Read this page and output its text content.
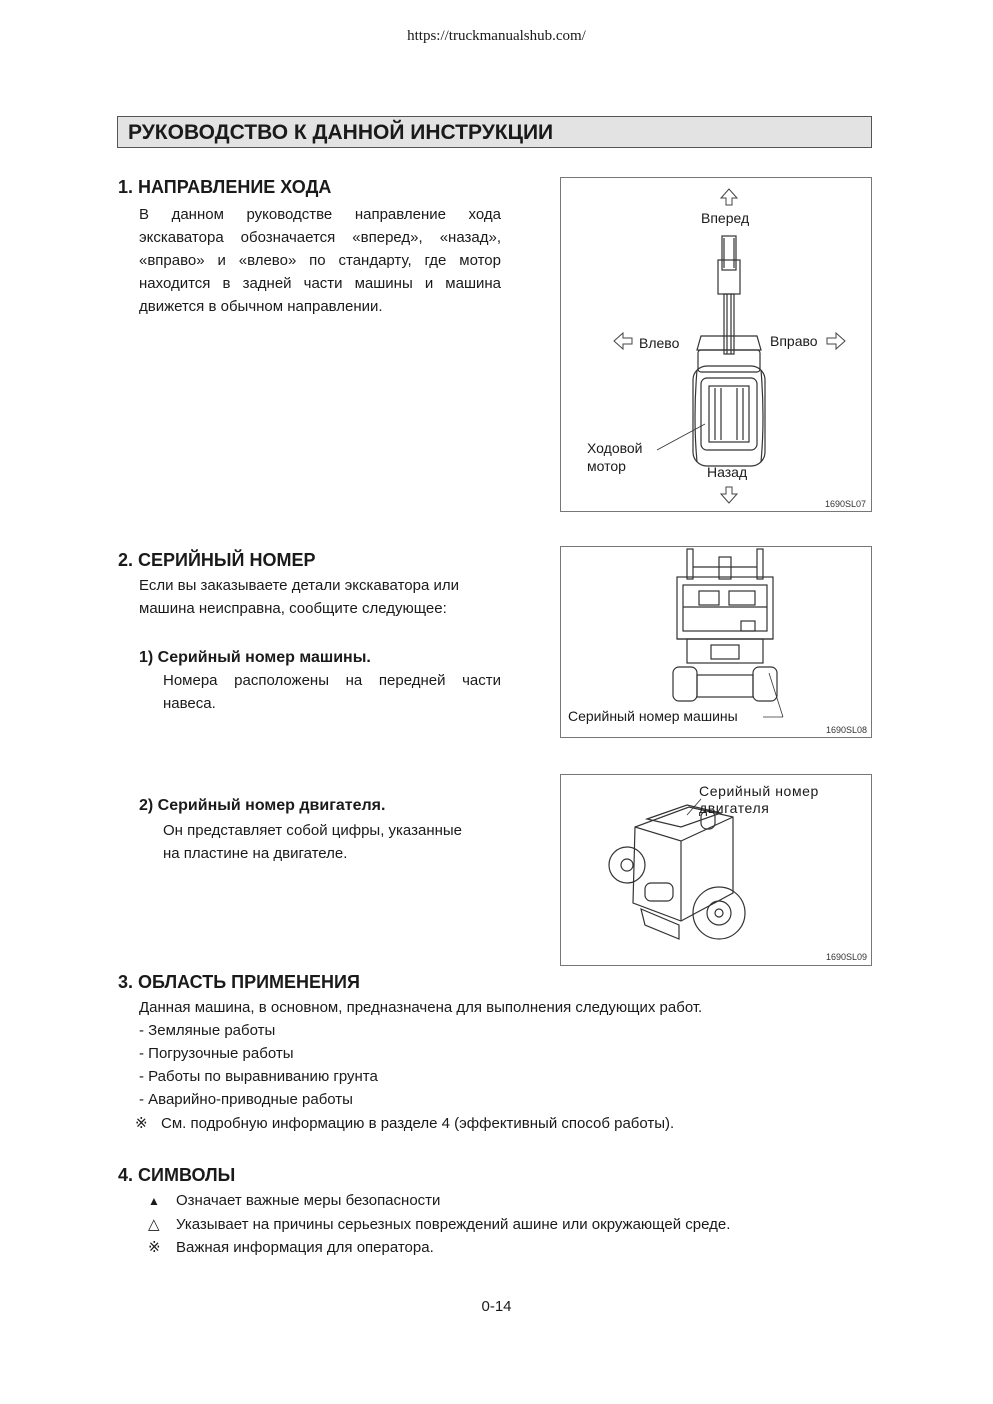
https://truckmanualshub.com/
РУКОВОДСТВО К ДАННОЙ ИНСТРУКЦИИ
1. НАПРАВЛЕНИЕ ХОДА
В данном руководстве направление хода
экскаватора обозначается «вперед», «назад»,
«вправо» и «влево» по стандарту, где мотор
находится в задней части машины и машина
движется в обычном направлении.
Вперед
Влево	Вправо
Назад
Ходовой
мотор
1690SL07
2. СЕРИЙНЫЙ НОМЕР
Если вы заказываете детали экскаватора или
машина неисправна, сообщите следующее:
1) Серийный номер машины.
Номера расположены на передней части
навеса.
Серийный номер машины
1690SL08
2) Серийный номер двигателя.
Он представляет собой цифры, указанные
на пластине на двигателе.
Серийный номер
двигателя
1690SL09
3. ОБЛАСТЬ ПРИМЕНЕНИЯ
Данная машина, в основном, предназначена для выполнения следующих работ.
- Земляные работы
- Погрузочные работы
- Работы по выравниванию грунта
- Аварийно-приводные работы
※ См. подробную информацию в разделе 4 (эффективный способ работы).
4. СИМВОЛЫ
▲ Означает важные меры безопасности
△ Указывает на причины серьезных повреждений ашине или окружающей среде.
※ Важная информация для оператора.
0-14
